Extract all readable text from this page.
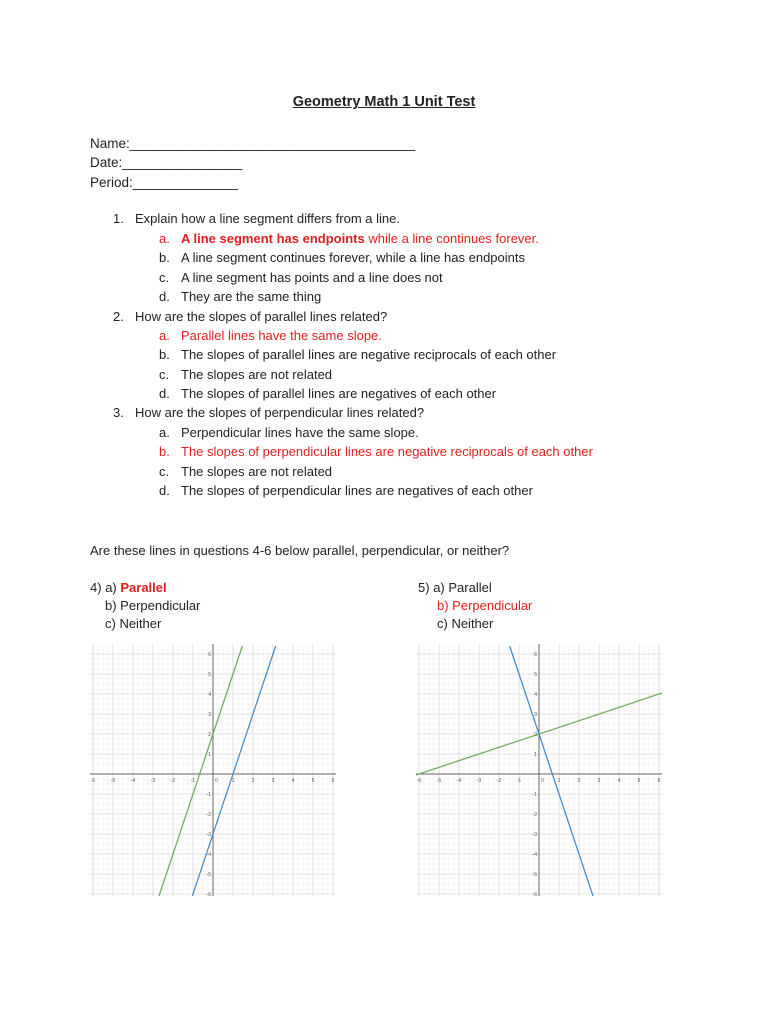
Geometry Math 1 Unit Test
Name:______________________________________
Date:________________
Period:______________
1. Explain how a line segment differs from a line.
a. A line segment has endpoints while a line continues forever.
b. A line segment continues forever, while a line has endpoints
c. A line segment has points and a line does not
d. They are the same thing
2. How are the slopes of parallel lines related?
a. Parallel lines have the same slope.
b. The slopes of parallel lines are negative reciprocals of each other
c. The slopes are not related
d. The slopes of parallel lines are negatives of each other
3. How are the slopes of perpendicular lines related?
a. Perpendicular lines have the same slope.
b. The slopes of perpendicular lines are negative reciprocals of each other
c. The slopes are not related
d. The slopes of perpendicular lines are negatives of each other
Are these lines in questions 4-6 below parallel, perpendicular, or neither?
4) a) Parallel
b) Perpendicular
c) Neither
5) a) Parallel
b) Perpendicular
c) Neither
-6	-5	-4	-3	-2	-1	0	1	2	3	4	5	6
6
5
4
3
2
1
-1
-2
-3
-4
-5
-6
-6	-5	-4	-3	-2	-1	0	1	2	3	4	5	6
6
5
4
3
1
-1
-2
-3
-4
-5
-6
